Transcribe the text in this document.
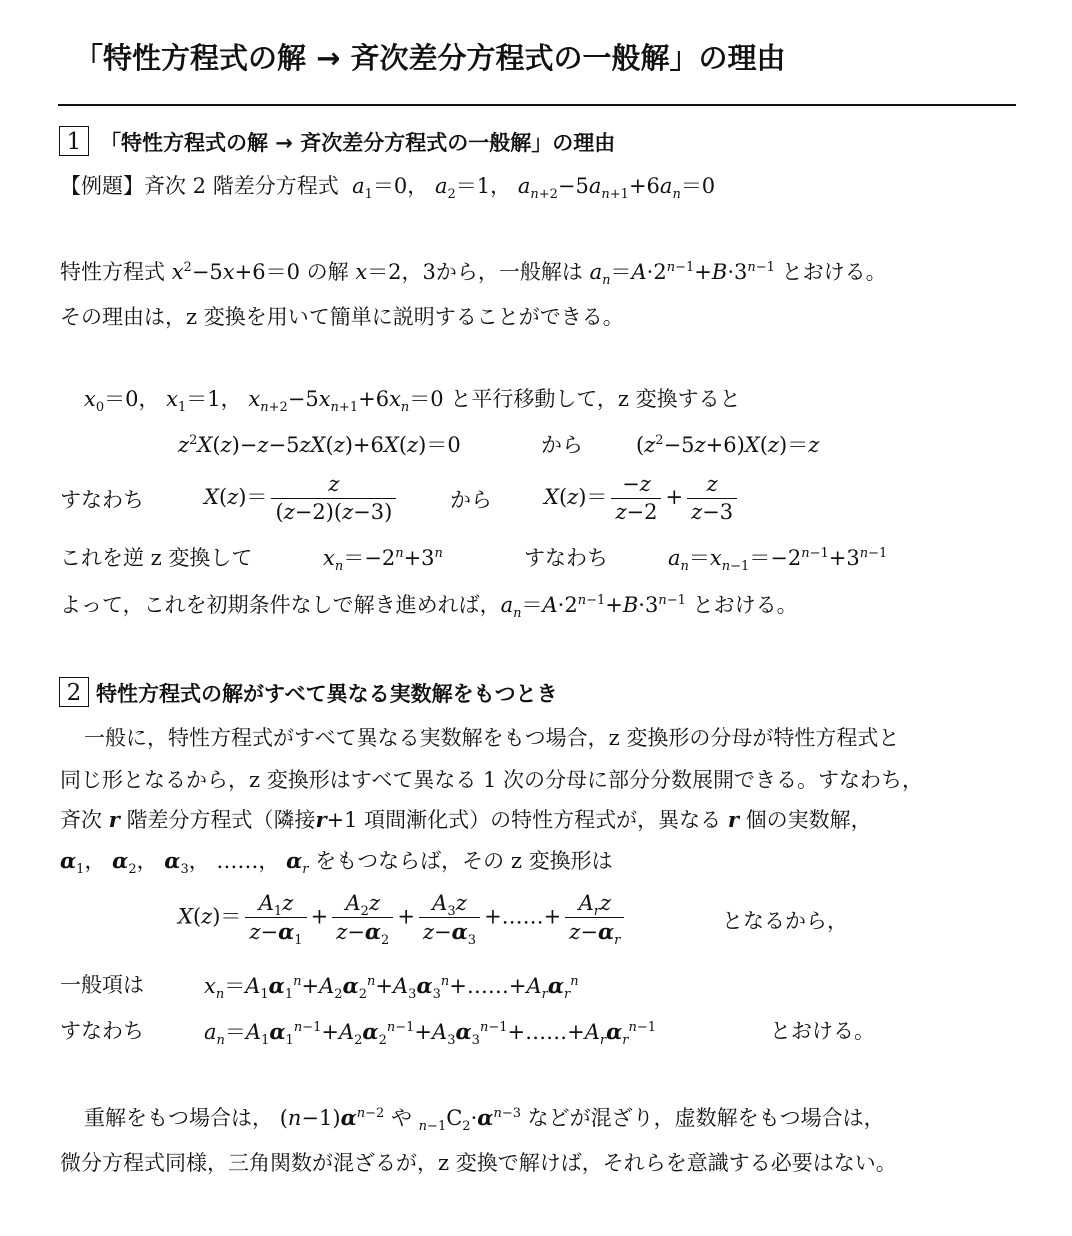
「特性方程式の解 → 斉次差分方程式の一般解」の理由
1 「特性方程式の解 → 斉次差分方程式の一般解」の理由
【例題】斉次 2 階差分方程式 $a_1=0$， $a_2=1$， $a_{n+2}-5a_{n+1}+6a_n=0$
特性方程式 $x^2-5x+6=0$ の解 x＝2，3から，一般解は $a_n=A\cdot 2^{n-1}+B\cdot 3^{n-1}$ とおける。
その理由は，z 変換を用いて簡単に説明することができる。
$x_0=0$， $x_1=1$， $x_{n+2}-5x_{n+1}+6x_n=0$ と平行移動して，z 変換すると
$z^2X(z)-z-5zX(z)+6X(z)=0$	から	$(z^2-5z+6)X(z)=z$
すなわち	$X(z)= \frac{z}{(z-2)(z-3)}$	から $X(z)= \frac{-z}{z-2} + \frac{z}{z-3}$
これを逆 z 変換して	$x_n=-2^n+3^n$	すなわち	$a_n=x_{n-1}=-2^{n-1}+3^{n-1}$
よって，これを初期条件なしで解き進めれば，$a_n=A\cdot 2^{n-1}+B\cdot 3^{n-1}$ とおける。
2 特性方程式の解がすべて異なる実数解をもつとき
一般に，特性方程式がすべて異なる実数解をもつ場合，z 変換形の分母が特性方程式と
同じ形となるから，z 変換形はすべて異なる 1 次の分母に部分分数展開できる。すなわち，
斉次 r 階差分方程式（隣接r+1 項間漸化式）の特性方程式が，異なる r 個の実数解，
$\alpha_1$， $\alpha_2$， $\alpha_3$， ……， $\alpha_r$ をもつならば，その z 変換形は
$X(z)= \frac{A_1z}{z-\alpha_1} + \frac{A_2z}{z-\alpha_2} + \frac{A_3z}{z-\alpha_3}$ +……+ $\frac{A_rz}{z-\alpha_r}$	となるから，
一般項は	$x_n=A_1\alpha_1^n+A_2\alpha_2^n+A_3\alpha_3^n+\dots\dots+A_r\alpha_r^n$
すなわち	$a_n=A_1\alpha_1^{n-1}+A_2\alpha_2^{n-1}+A_3\alpha_3^{n-1}+\dots\dots+A_r\alpha_r^{n-1}$	とおける。
重解をもつ場合は， $(n-1)\alpha^{n-2}$ や $_{n-1}C_2\cdot\alpha^{n-3}$ などが混ざり，虚数解をもつ場合は，
微分方程式同様，三角関数が混ざるが，z 変換で解けば，それらを意識する必要はない。
